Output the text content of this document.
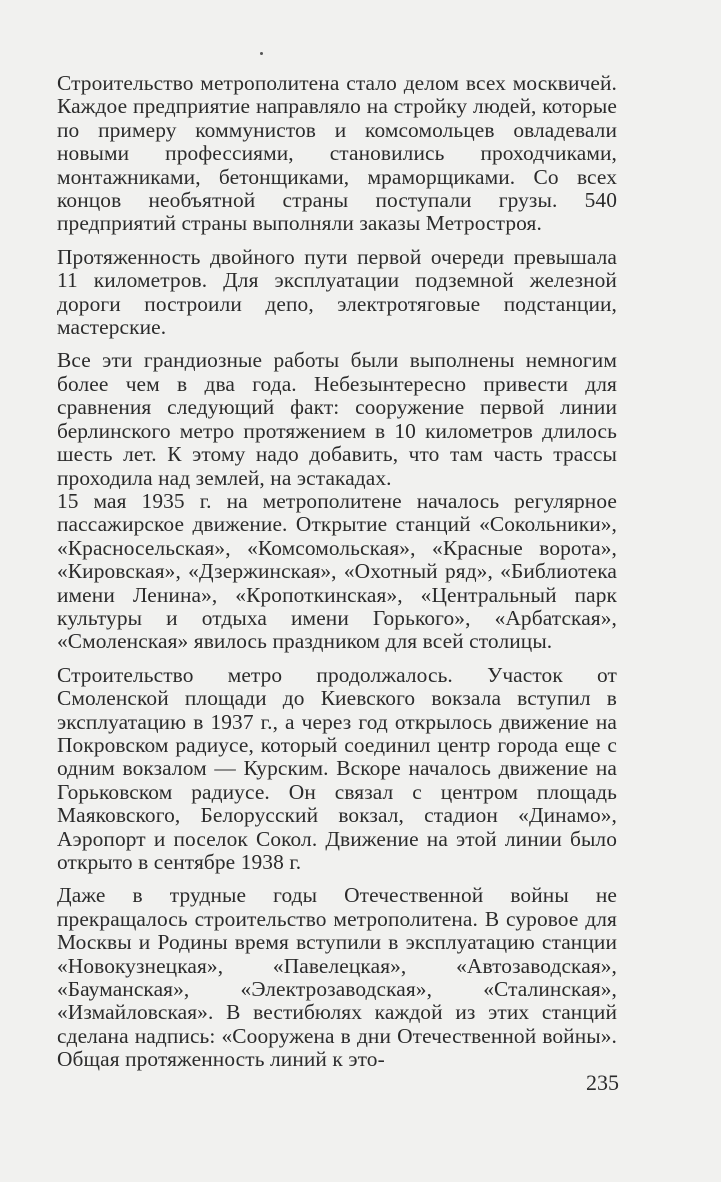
Строительство метрополитена стало делом всех москвичей. Каждое предприятие направляло на стройку людей, которые по примеру коммунистов и комсомольцев овладевали новыми профессиями, становились проходчиками, монтажниками, бетонщиками, мраморщиками. Со всех концов необъятной страны поступали грузы. 540 предприятий страны выполняли заказы Метростроя.

Протяженность двойного пути первой очереди превышала 11 километров. Для эксплуатации подземной железной дороги построили депо, электротяговые подстанции, мастерские.

Все эти грандиозные работы были выполнены немногим более чем в два года. Небезынтересно привести для сравнения следующий факт: сооружение первой линии берлинского метро протяжением в 10 километров длилось шесть лет. К этому надо добавить, что там часть трассы проходила над землей, на эстакадах.

15 мая 1935 г. на метрополитене началось регулярное пассажирское движение. Открытие станций «Сокольники», «Красносельская», «Комсомольская», «Красные ворота», «Кировская», «Дзержинская», «Охотный ряд», «Библиотека имени Ленина», «Кропоткинская», «Центральный парк культуры и отдыха имени Горького», «Арбатская», «Смоленская» явилось праздником для всей столицы.

Строительство метро продолжалось. Участок от Смоленской площади до Киевского вокзала вступил в эксплуатацию в 1937 г., а через год открылось движение на Покровском радиусе, который соединил центр города еще с одним вокзалом — Курским. Вскоре началось движение на Горьковском радиусе. Он связал с центром площадь Маяковского, Белорусский вокзал, стадион «Динамо», Аэропорт и поселок Сокол. Движение на этой линии было открыто в сентябре 1938 г.

Даже в трудные годы Отечественной войны не прекращалось строительство метрополитена. В суровое для Москвы и Родины время вступили в эксплуатацию станции «Новокузнецкая», «Павелецкая», «Автозаводская», «Бауманская», «Электрозаводская», «Сталинская», «Измайловская». В вестибюлях каждой из этих станций сделана надпись: «Сооружена в дни Отечественной войны». Общая протяженность линий к это-

235
